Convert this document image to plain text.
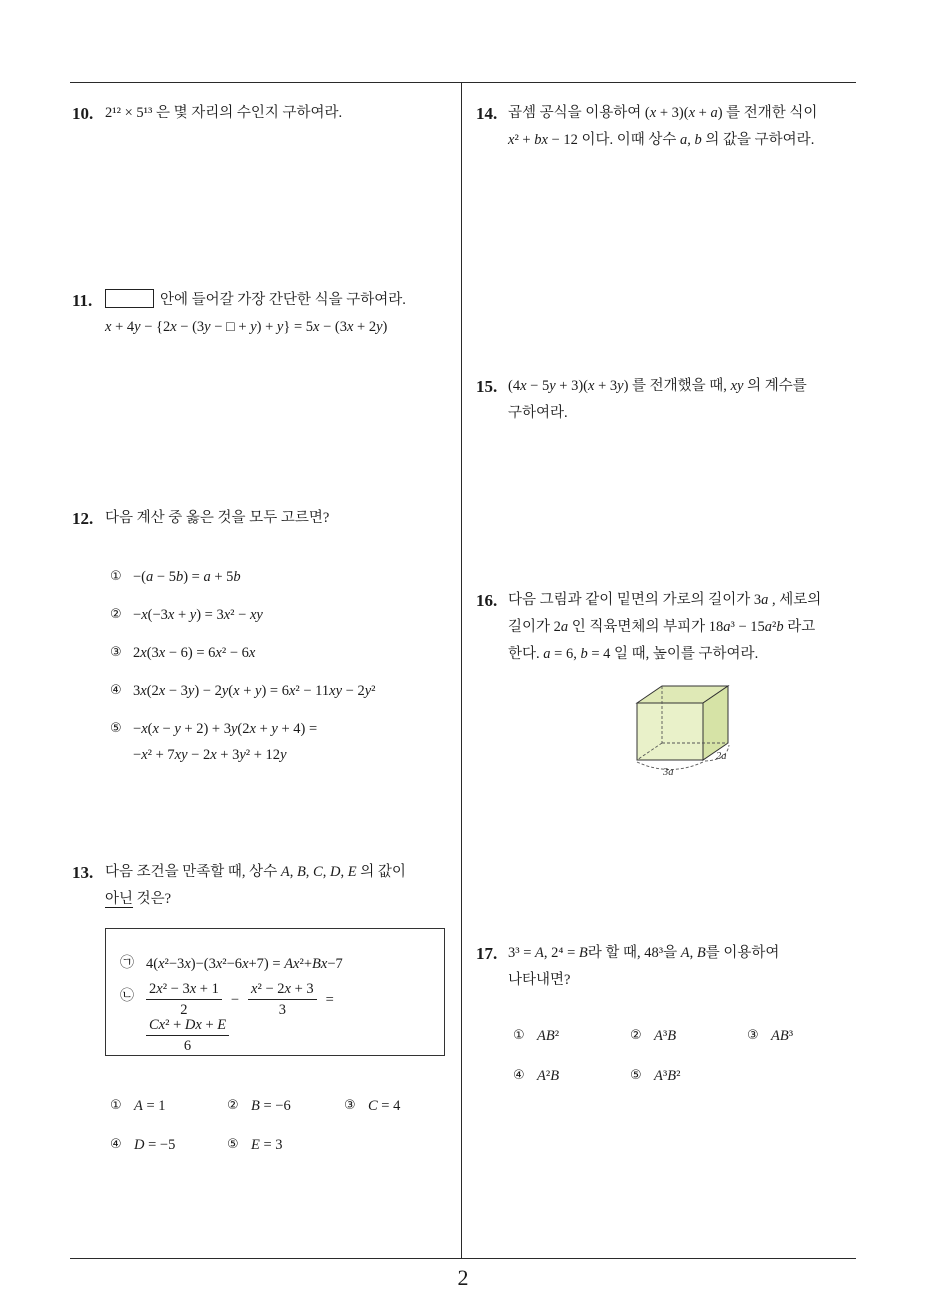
10. 2¹² × 5¹³ 은 몇 자리의 수인지 구하여라.
11.	안에 들어갈 가장 간단한 식을 구하여라.
x + 4y − {2x − (3y − □ + y) + y} = 5x − (3x + 2y)
12. 다음 계산 중 옳은 것을 모두 고르면?
① −(a − 5b) = a + 5b
② −x(−3x + y) = 3x² − xy
③ 2x(3x − 6) = 6x² − 6x
④ 3x(2x − 3y) − 2y(x + y) = 6x² − 11xy − 2y²
⑤ −x(x − y + 2) + 3y(2x + y + 4) =
−x² + 7xy − 2x + 3y² + 12y
13. 다음 조건을 만족할 때, 상수 A, B, C, D, E 의 값이
아닌 것은?
㉠ 4(x²−3x)−(3x²−6x+7) = Ax²+Bx−7
㉡ $\frac{\text{2x² − 3x + 1}}{2} - \frac{\text{x² − 2x + 3}}{3}$ =
$\frac{\text{Cx² + Dx + E}}{6}$
① A = 1	② B = −6	③ C = 4
④ D = −5	⑤ E = 3
14. 곱셈 공식을 이용하여 (x + 3)(x + a) 를 전개한 식이
x² + bx − 12 이다. 이때 상수 a, b 의 값을 구하여라.
15. (4x − 5y + 3)(x + 3y) 를 전개했을 때, xy 의 계수를
구하여라.
16. 다음 그림과 같이 밑면의 가로의 길이가 3a , 세로의
길이가 2a 인 직육면체의 부피가 18a³ − 15a²b 라고
한다. a = 6, b = 4 일 때, 높이를 구하여라.
3a
2a
17. 3³ = A, 2⁴ = B라 할 때, 48³을 A, B를 이용하여
나타내면?
① AB²	② A³B	③ AB³
④ A²B	⑤ A³B²
2
